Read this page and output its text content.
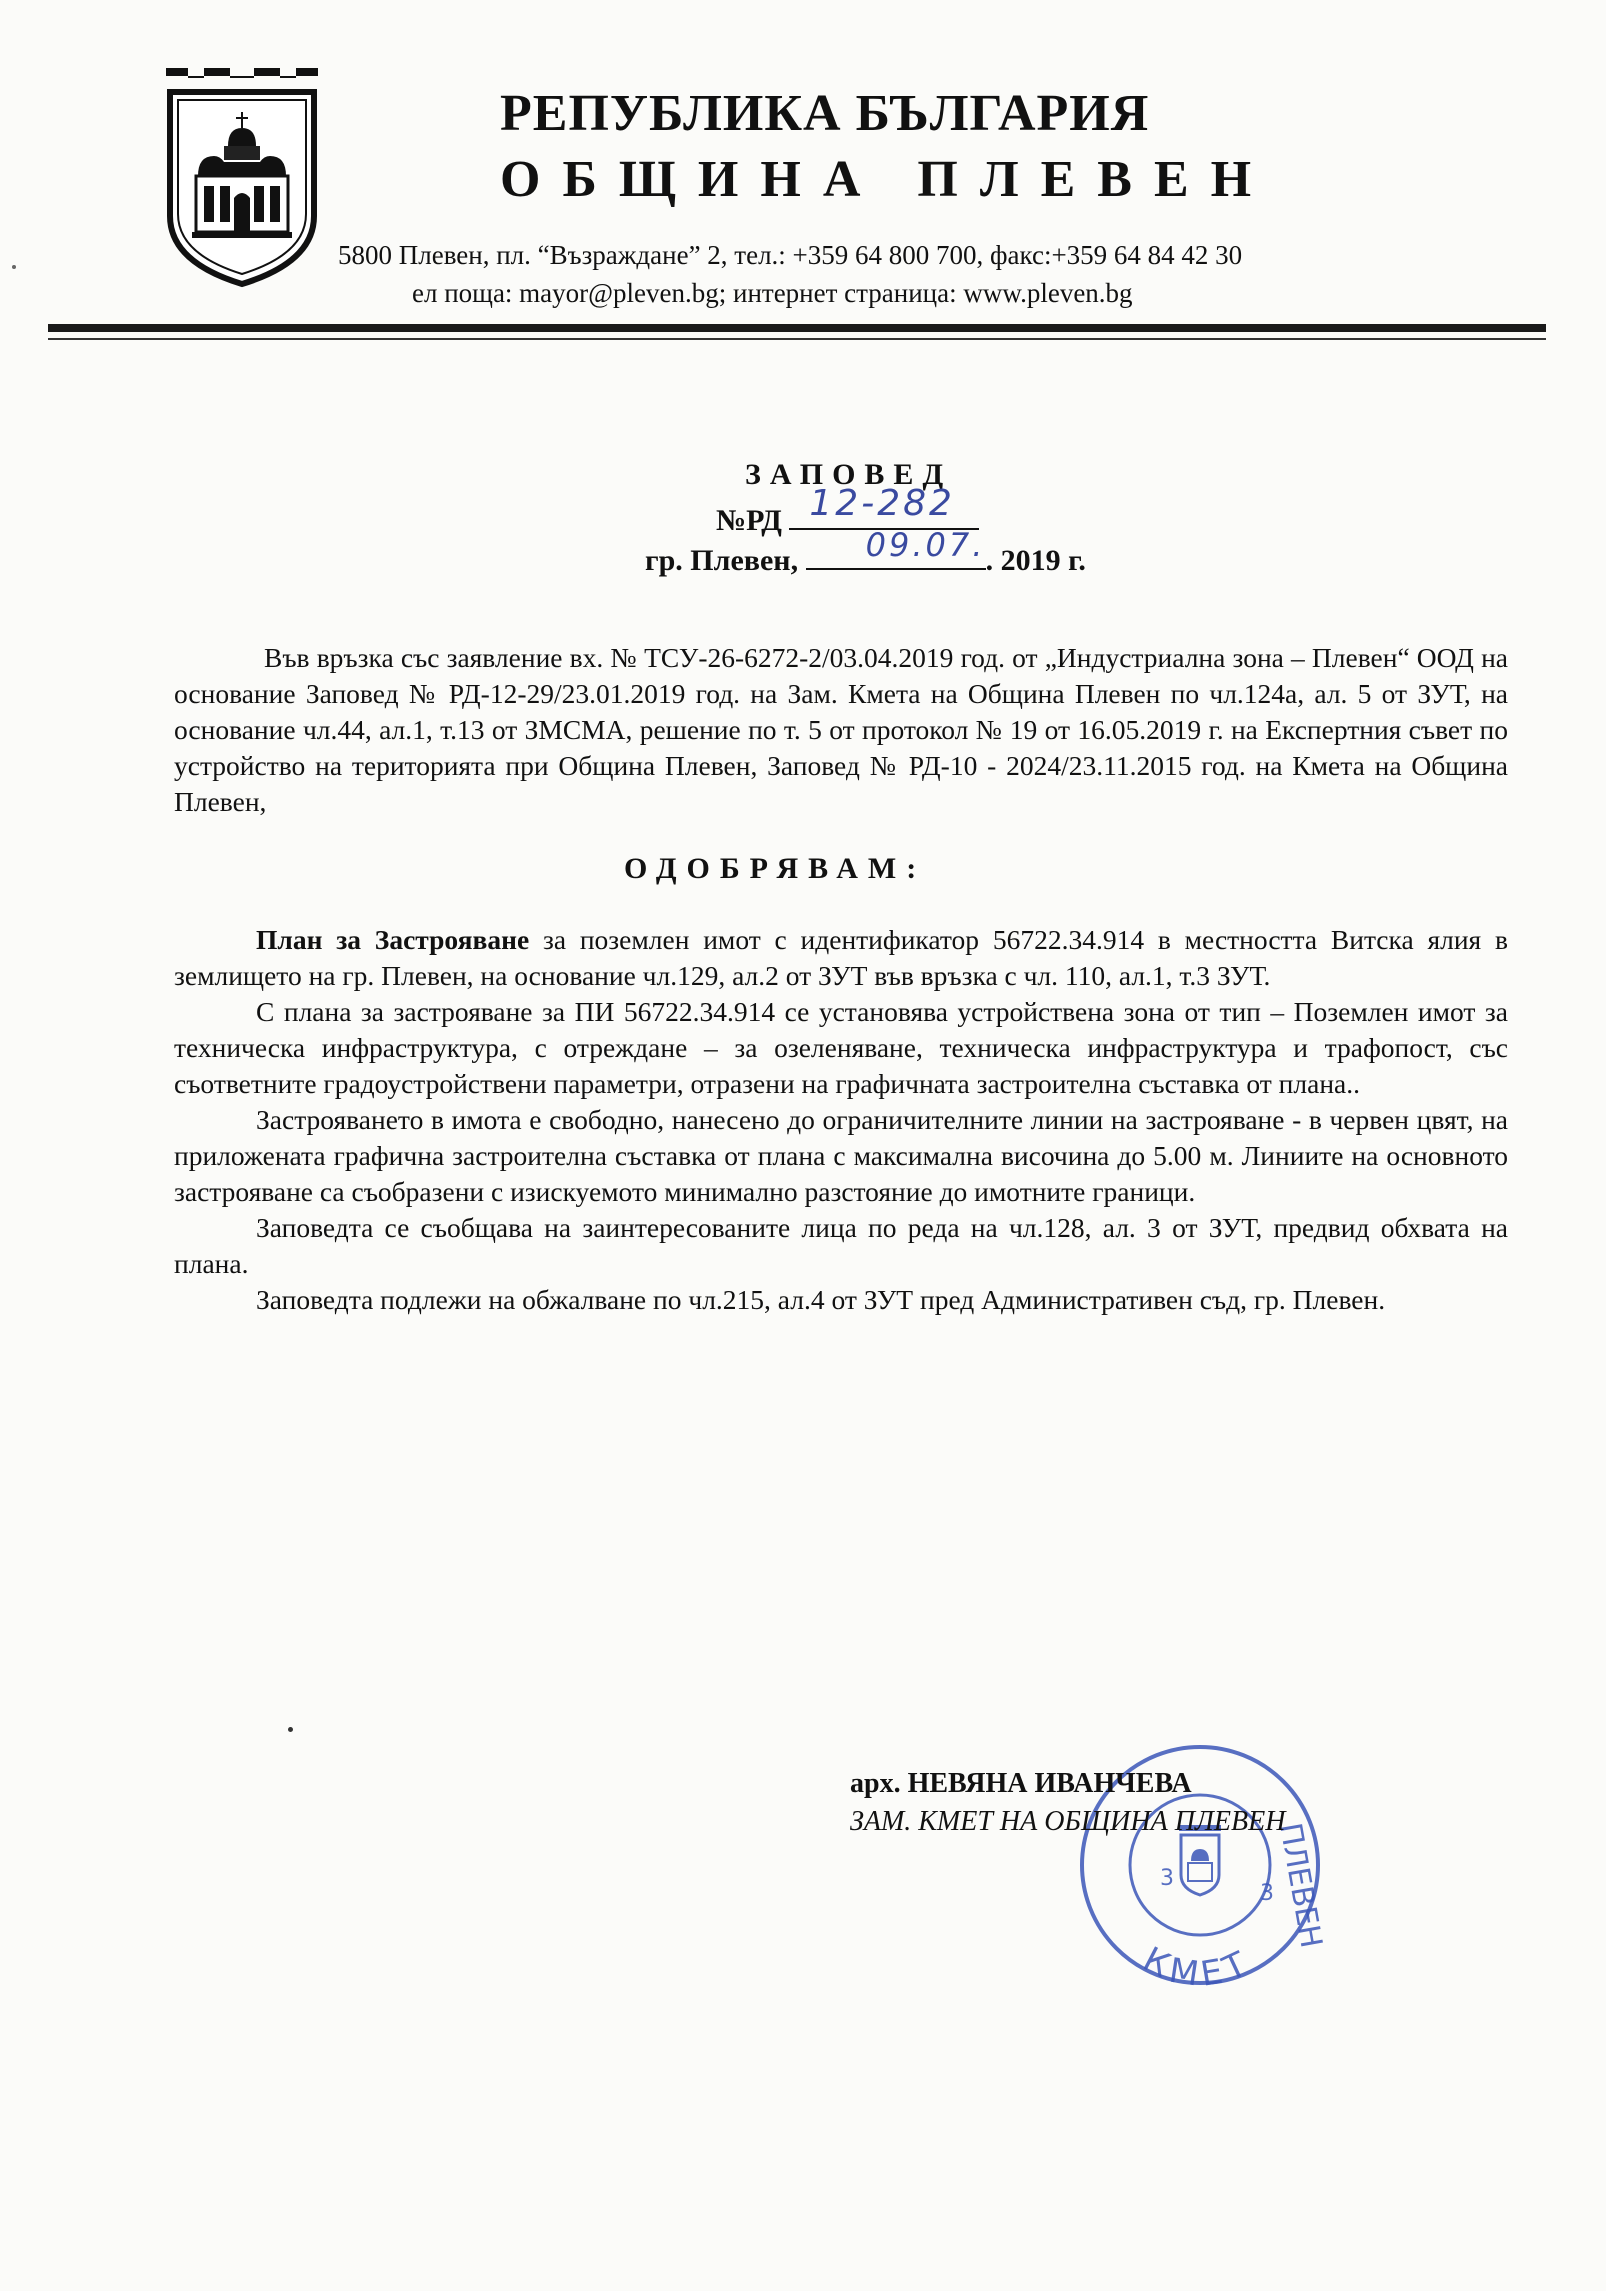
РЕПУБЛИКА БЪЛГАРИЯ
ОБЩИНА ПЛЕВЕН
5800 Плевен, пл. “Възраждане” 2, тел.: +359 64 800 700, факс:+359 64 84 42 30
ел поща: mayor@pleven.bg; интернет страница: www.pleven.bg
ЗАПОВЕД
№РД 12-282
гр. Плевен, 09.07. . 2019 г.
Във връзка със заявление вх. № ТСУ-26-6272-2/03.04.2019 год. от „Индустриална зона – Плевен“ ООД на основание Заповед № РД-12-29/23.01.2019 год. на Зам. Кмета на Община Плевен по чл.124а, ал. 5 от ЗУТ, на основание чл.44, ал.1, т.13 от ЗМСМА, решение по т. 5 от протокол № 19 от 16.05.2019 г. на Експертния съвет по устройство на територията при Община Плевен, Заповед № РД-10 - 2024/23.11.2015 год. на Кмета на Община Плевен,
ОДОБРЯВАМ:

План за Застрояване за поземлен имот с идентификатор 56722.34.914 в местността Витска ялия в землището на гр. Плевен, на основание чл.129, ал.2 от ЗУТ във връзка с чл. 110, ал.1, т.3 ЗУТ.

С плана за застрояване за ПИ 56722.34.914 се установява устройствена зона от тип – Поземлен имот за техническа инфраструктура, с отреждане – за озеленяване, техническа инфраструктура и трафопост, със съответните градоустройствени параметри, отразени на графичната застроителна съставка от плана..

Застрояването в имота е свободно, нанесено до ограничителните линии на застрояване - в червен цвят, на приложената графична застроителна съставка от плана с максимална височина до 5.00 м. Линиите на основното застрояване са съобразени с изискуемото минимално разстояние до имотните граници.

Заповедта се съобщава на заинтересованите лица по реда на чл.128, ал. 3 от ЗУТ, предвид обхвата на плана.

Заповедта подлежи на обжалване по чл.215, ал.4 от ЗУТ пред Административен съд, гр. Плевен.

3
3
ПЛЕВЕН
КМЕТ
арх. НЕВЯНА ИВАНЧЕВА
ЗАМ. КМЕТ НА ОБЩИНА ПЛЕВЕН
